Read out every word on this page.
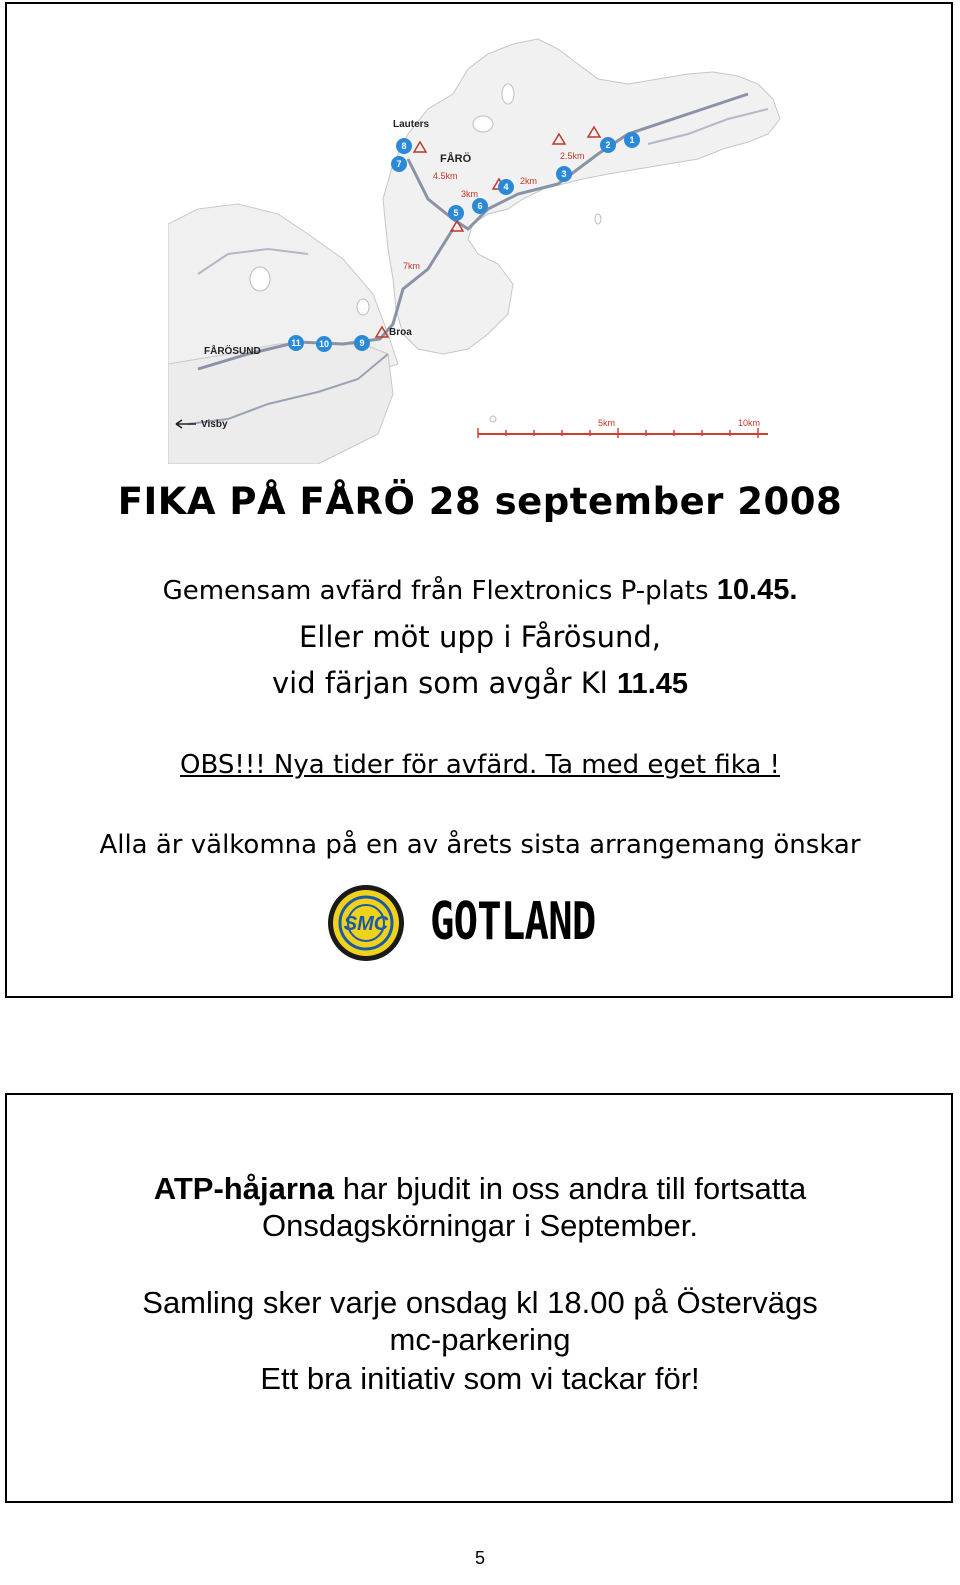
Lauters
FÅRÖ
4.5km
3km
2km
2.5km
7km
FÅRÖSUND
Broa
Visby
1
2
3
4
5
6
7
8
9
10
11
5km	10km
FIKA PÅ FÅRÖ 28 september 2008
Gemensam avfärd från Flextronics P-plats 10.45.
Eller möt upp i Fårösund,
vid färjan som avgår Kl 11.45
OBS!!! Nya tider för avfärd. Ta med eget fika !
Alla är välkomna på en av årets sista arrangemang önskar
SMC GOTLAND
ATP-håjarna har bjudit in oss andra till fortsatta
Onsdagskörningar i September.
Samling sker varje onsdag kl 18.00 på Östervägs
mc-parkering
Ett bra initiativ som vi tackar för!
5
